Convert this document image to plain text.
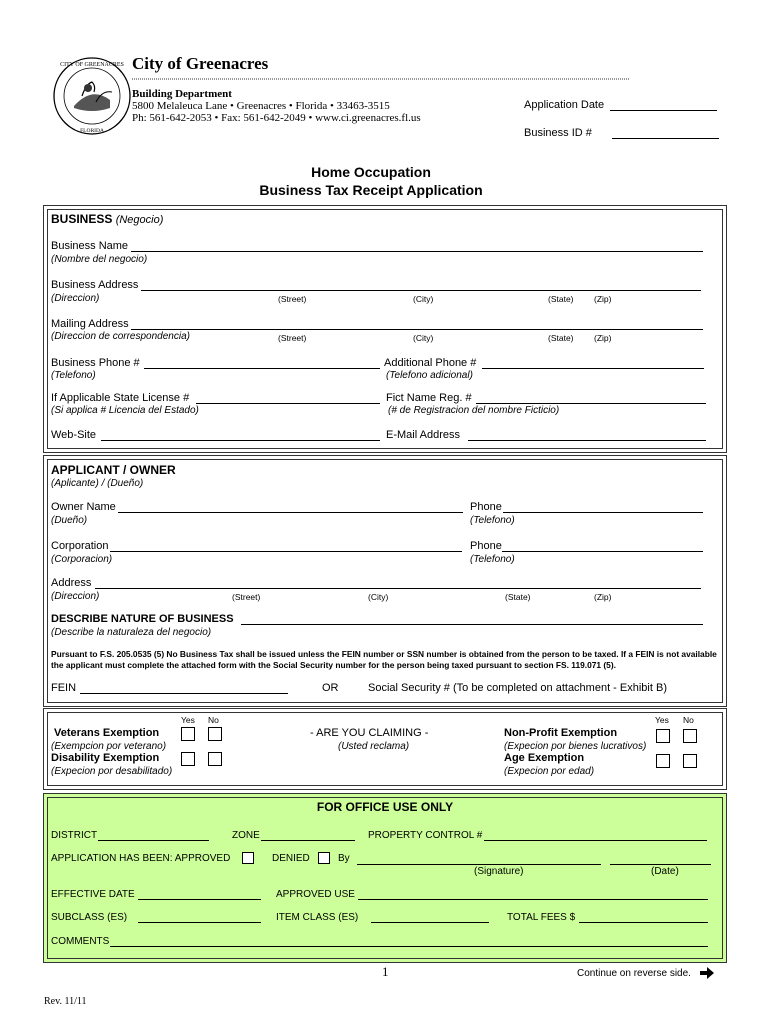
CITY OF GREENACRES
FLORIDA
City of Greenacres
Building Department
5800 Melaleuca Lane • Greenacres • Florida • 33463-3515
Ph: 561-642-2053 • Fax: 561-642-2049 • www.ci.greenacres.fl.us
Application Date
Business ID #
Home Occupation
Business Tax Receipt Application
BUSINESS (Negocio)
Business Name
(Nombre del negocio)
Business Address
(Direccion)	(Street)	(City)	(State) (Zip)
Mailing Address
(Direccion de correspondencia)	(Street)	(City)	(State) (Zip)
Business Phone #
(Telefono)
Additional Phone #
(Telefono adicional)
If Applicable State License #
(Si applica # Licencia del Estado)
Fict Name Reg. #
(# de Registracion del nombre Ficticio)
Web-Site	E-Mail Address
APPLICANT / OWNER
(Aplicante) / (Dueño)
Owner Name
(Dueño)
Phone
(Telefono)
Corporation
(Corporacion)
Phone
(Telefono)
Address
(Direccion)	(Street)	(City)	(State)	(Zip)
DESCRIBE NATURE OF BUSINESS
(Describe la naturaleza del negocio)
Pursuant to F.S. 205.0535 (5) No Business Tax shall be issued unless the FEIN number or SSN number is obtained from the person to be taxed. If a FEIN is not available the applicant must complete the attached form with the Social Security number for the person being taxed pursuant to section FS. 119.071 (5).
FEIN	OR	Social Security # (To be completed on attachment - Exhibit B)
Yes No	Yes No
Veterans Exemption
(Exempcion por veterano)
Disability Exemption
(Expecion por desabilitado)
- ARE YOU CLAIMING -
(Usted reclama)
Non-Profit Exemption
(Expecion por bienes lucrativos)
Age Exemption
(Expecion por edad)
FOR OFFICE USE ONLY
DISTRICT	ZONE	PROPERTY CONTROL #
APPLICATION HAS BEEN: APPROVED	DENIED	By
(Signature)	(Date)
EFFECTIVE DATE	APPROVED USE
SUBCLASS (ES)	ITEM CLASS (ES)	TOTAL FEES $
COMMENTS
1	Continue on reverse side.
Rev. 11/11
